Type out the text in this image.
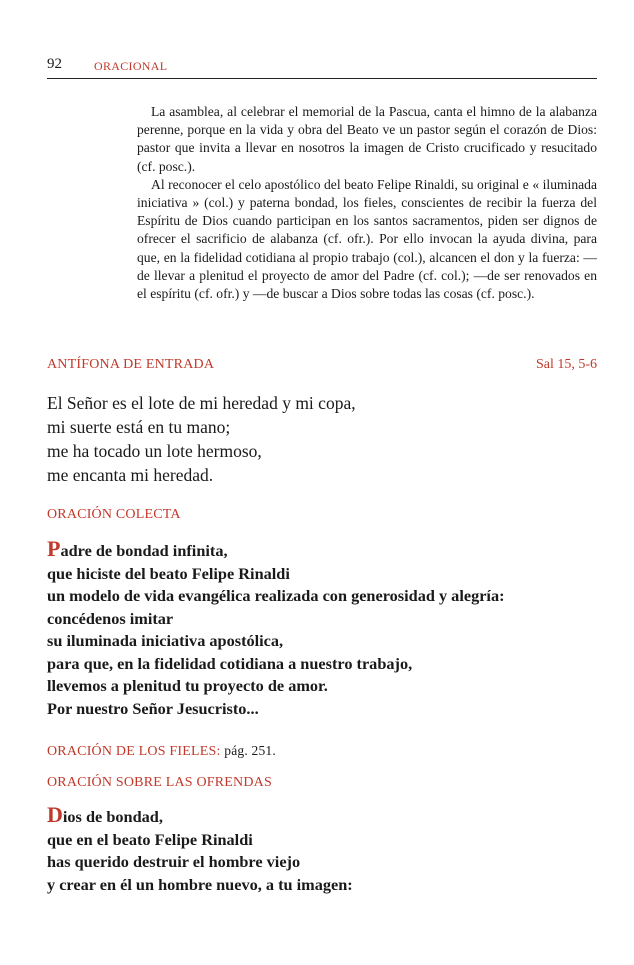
92	ORACIONAL

La asamblea, al celebrar el memorial de la Pascua, canta el himno de la alabanza perenne, porque en la vida y obra del Beato ve un pastor según el corazón de Dios: pastor que invita a llevar en nosotros la imagen de Cristo crucificado y resucitado (cf. posc.).

Al reconocer el celo apostólico del beato Felipe Rinaldi, su original e « iluminada iniciativa » (col.) y paterna bondad, los fieles, conscientes de recibir la fuerza del Espíritu de Dios cuando participan en los santos sacramentos, piden ser dignos de ofrecer el sacrificio de alabanza (cf. ofr.). Por ello invocan la ayuda divina, para que, en la fidelidad cotidiana al propio trabajo (col.), alcancen el don y la fuerza: —de llevar a plenitud el proyecto de amor del Padre (cf. col.); —de ser renovados en el espíritu (cf. ofr.) y —de buscar a Dios sobre todas las cosas (cf. posc.).

ANTÍFONA DE ENTRADA	Sal 15, 5-6
El Señor es el lote de mi heredad y mi copa,
mi suerte está en tu mano;
me ha tocado un lote hermoso,
me encanta mi heredad.
ORACIÓN COLECTA
Padre de bondad infinita,
que hiciste del beato Felipe Rinaldi
un modelo de vida evangélica realizada con generosidad y alegría:
concédenos imitar
su iluminada iniciativa apostólica,
para que, en la fidelidad cotidiana a nuestro trabajo,
llevemos a plenitud tu proyecto de amor.
Por nuestro Señor Jesucristo...
ORACIÓN DE LOS FIELES: pág. 251.
ORACIÓN SOBRE LAS OFRENDAS
Dios de bondad,
que en el beato Felipe Rinaldi
has querido destruir el hombre viejo
y crear en él un hombre nuevo, a tu imagen:
